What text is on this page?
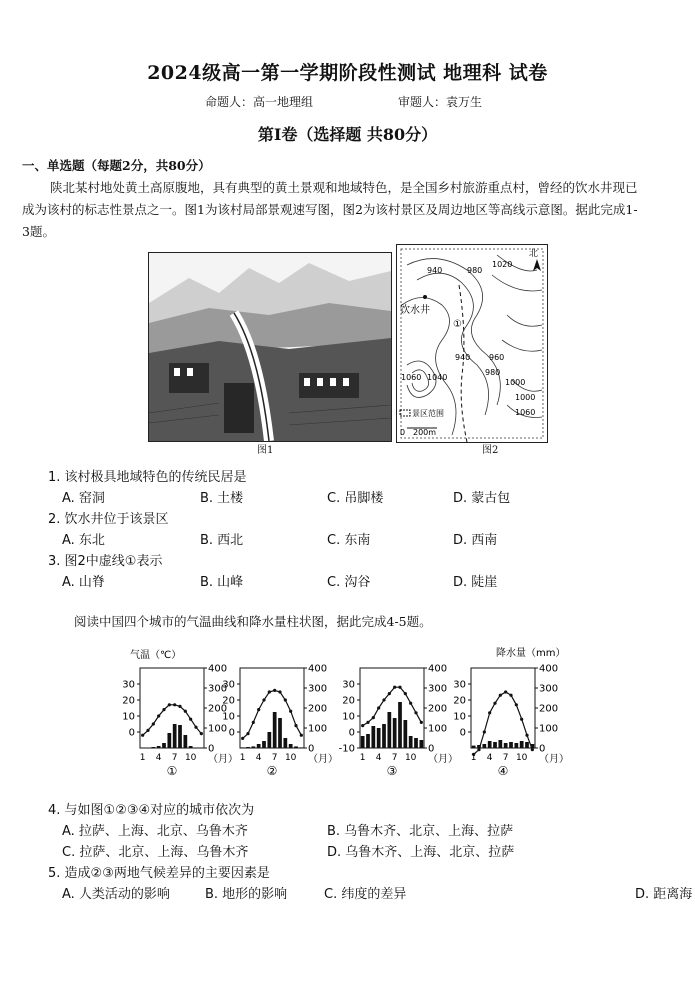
2024级高一第一学期阶段性测试 地理科 试卷
命题人：高一地理组	审题人：袁万生
第Ⅰ卷（选择题 共80分）
一、单选题（每题2分，共80分）
陕北某村地处黄土高原腹地，具有典型的黄土景观和地域特色，是全国乡村旅游重点村，曾经的饮水井现已成为该村的标志性景点之一。图1为该村局部景观速写图，图2为该村景区及周边地区等高线示意图。据此完成1-3题。
图1
饮水井
①
北
940	980
1020
940 960
980
1000
1060 1040
1000
1060
景区范围
0 200m
图2
1. 该村极具地域特色的传统民居是
A. 窑洞	B. 土楼	C. 吊脚楼	D. 蒙古包
2. 饮水井位于该景区
A. 东北	B. 西北	C. 东南	D. 西南
3. 图2中虚线①表示
A. 山脊	B. 山峰	C. 沟谷	D. 陡崖
阅读中国四个城市的气温曲线和降水量柱状图，据此完成4-5题。
气温（℃）	降水量（mm）
0
10
20
30
0
100
200
300
400
1 4 7 10 （月）
①
0
10
20
30
0
100
200
300
400
1 4 7 10 （月）
②
-10
0
10
20
30
0
100
200
300
400
1 4 7 10 （月）
③
0
10
20
30
0
100
200
300
400
1 4 7 10 （月）
④
4. 与如图①②③④对应的城市依次为
A. 拉萨、上海、北京、乌鲁木齐	B. 乌鲁木齐、北京、上海、拉萨
C. 拉萨、北京、上海、乌鲁木齐	D. 乌鲁木齐、上海、北京、拉萨
5. 造成②③两地气候差异的主要因素是
A. 人类活动的影响	B. 地形的影响	C. 纬度的差异	D. 距离海
